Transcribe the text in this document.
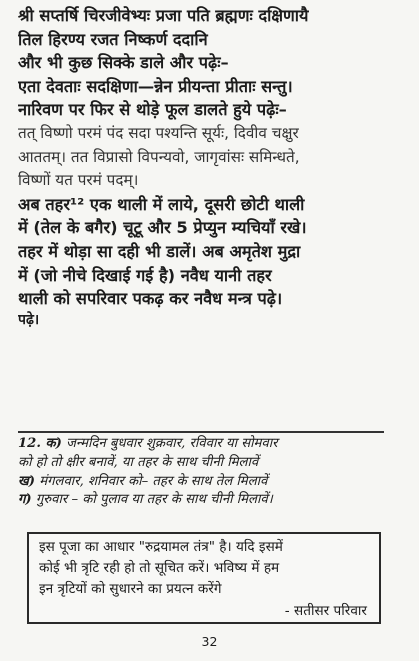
श्री सप्तर्षि चिरजीवेभ्यः प्रजा पति ब्रह्मणः दक्षिणायै
तिल हिरण्य रजत निष्कर्ण ददानि
और भी कुछ सिक्के डाले और पढ़ेः–
एता देवताः सदक्षिणा—न्नेन प्रीयन्ता प्रीताः सन्तु।
नारिवण पर फिर से थोड़े फूल डालते हुये पढ़ेः–
तत् विष्णो परमं पंद सदा पश्यन्ति सूर्यः, दिवीव चक्षुर
आततम्। तत विप्रासो विपन्यवो, जागृवांसः समिन्धते,
विष्णों यत परमं पदम्।
अब तहर¹² एक थाली में लाये, दूसरी छोटी थाली
में (तेल के बगैर) चूटू और 5 प्रेप्युन म्यचियाँ रखे।
तहर में थोड़ा सा दही भी डालें। अब अमृतेश मुद्रा
में (जो नीचे दिखाई गई है) नवैध यानी तहर
थाली को सपरिवार पकढ़ कर नवैध मन्त्र पढ़े।
पढ़े।
12. क) जन्मदिन बुधवार शुक्रवार, रविवार या सोमवार
को हो तो क्षीर बनावें, या तहर के साथ चीनी मिलावें
ख) मंगलवार, शनिवार को– तहर के साथ तेल मिलावें
ग) गुरुवार – को पुलाव या तहर के साथ चीनी मिलावें।
इस पूजा का आधार "रुद्रयामल तंत्र" है। यदि इसमें
कोई भी त्रृटि रही हो तो सूचित करें। भविष्य में हम
इन त्रृटियों को सुधारने का प्रयत्न करेंगे
- सतीसर परिवार
32
